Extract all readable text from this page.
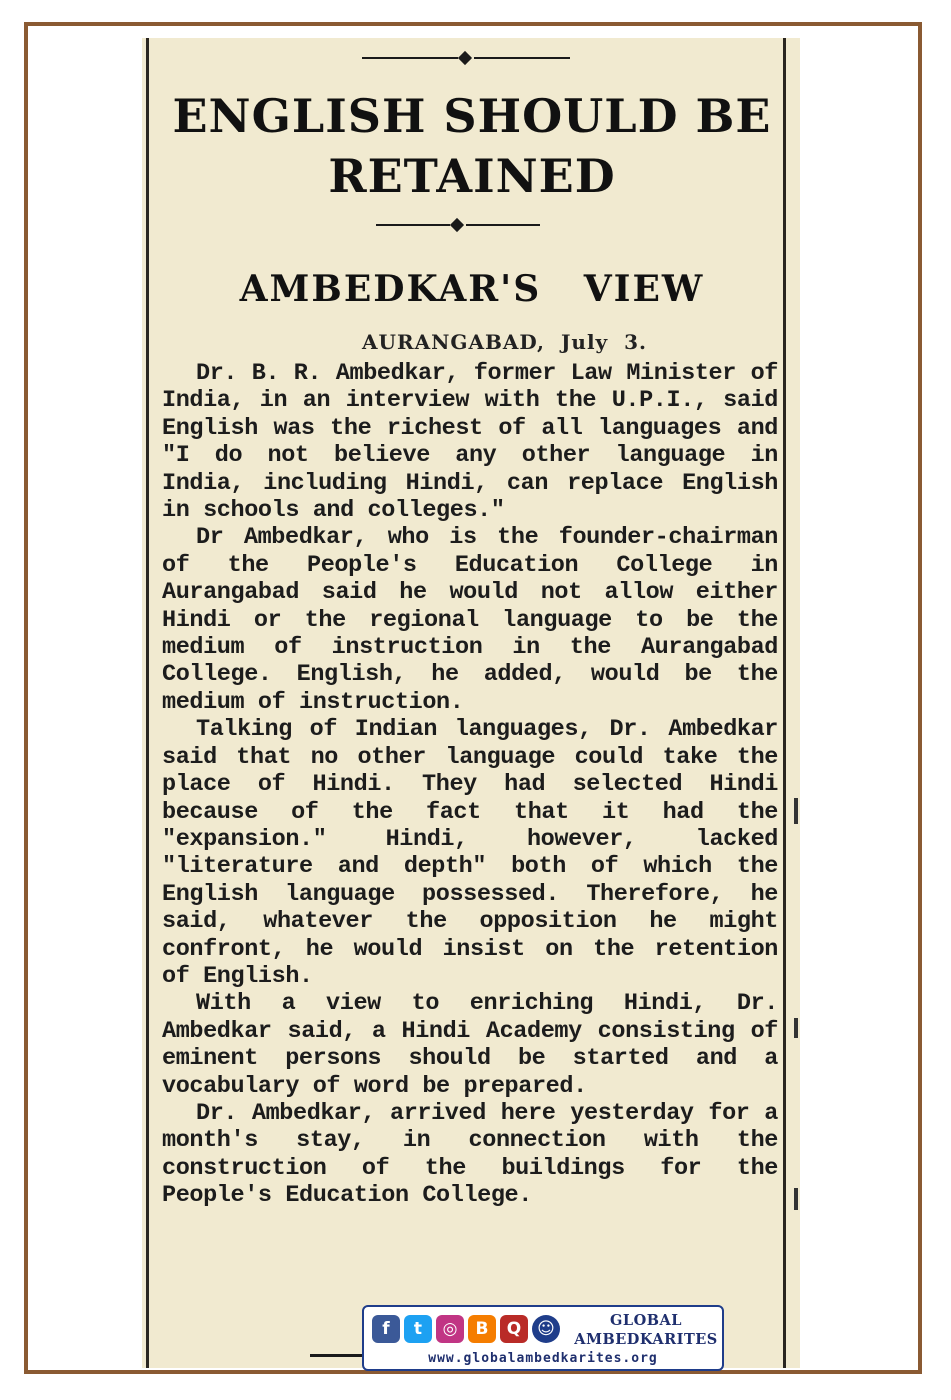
ENGLISH SHOULD BE
RETAINED
AMBEDKAR'S VIEW
AURANGABAD, July 3.

Dr. B. R. Ambedkar, former Law Minister of India, in an interview with the U.P.I., said English was the richest of all languages and "I do not believe any other language in India, including Hindi, can replace English in schools and colleges."

Dr Ambedkar, who is the founder-chairman of the People's Education College in Aurangabad said he would not allow either Hindi or the regional language to be the medium of instruction in the Aurangabad College. English, he added, would be the medium of instruction.

Talking of Indian languages, Dr. Ambedkar said that no other language could take the place of Hindi. They had selected Hindi because of the fact that it had the "expansion." Hindi, however, lacked "literature and depth" both of which the English language possessed. Therefore, he said, whatever the opposition he might confront, he would insist on the retention of English.

With a view to enriching Hindi, Dr. Ambedkar said, a Hindi Academy consisting of eminent persons should be started and a vocabulary of word be prepared.

Dr. Ambedkar, arrived here yesterday for a month's stay, in connection with the construction of the buildings for the People's Education College.

f	t	◎	B	Q ☺	GLOBAL
AMBEDKARITES
www.globalambedkarites.org
